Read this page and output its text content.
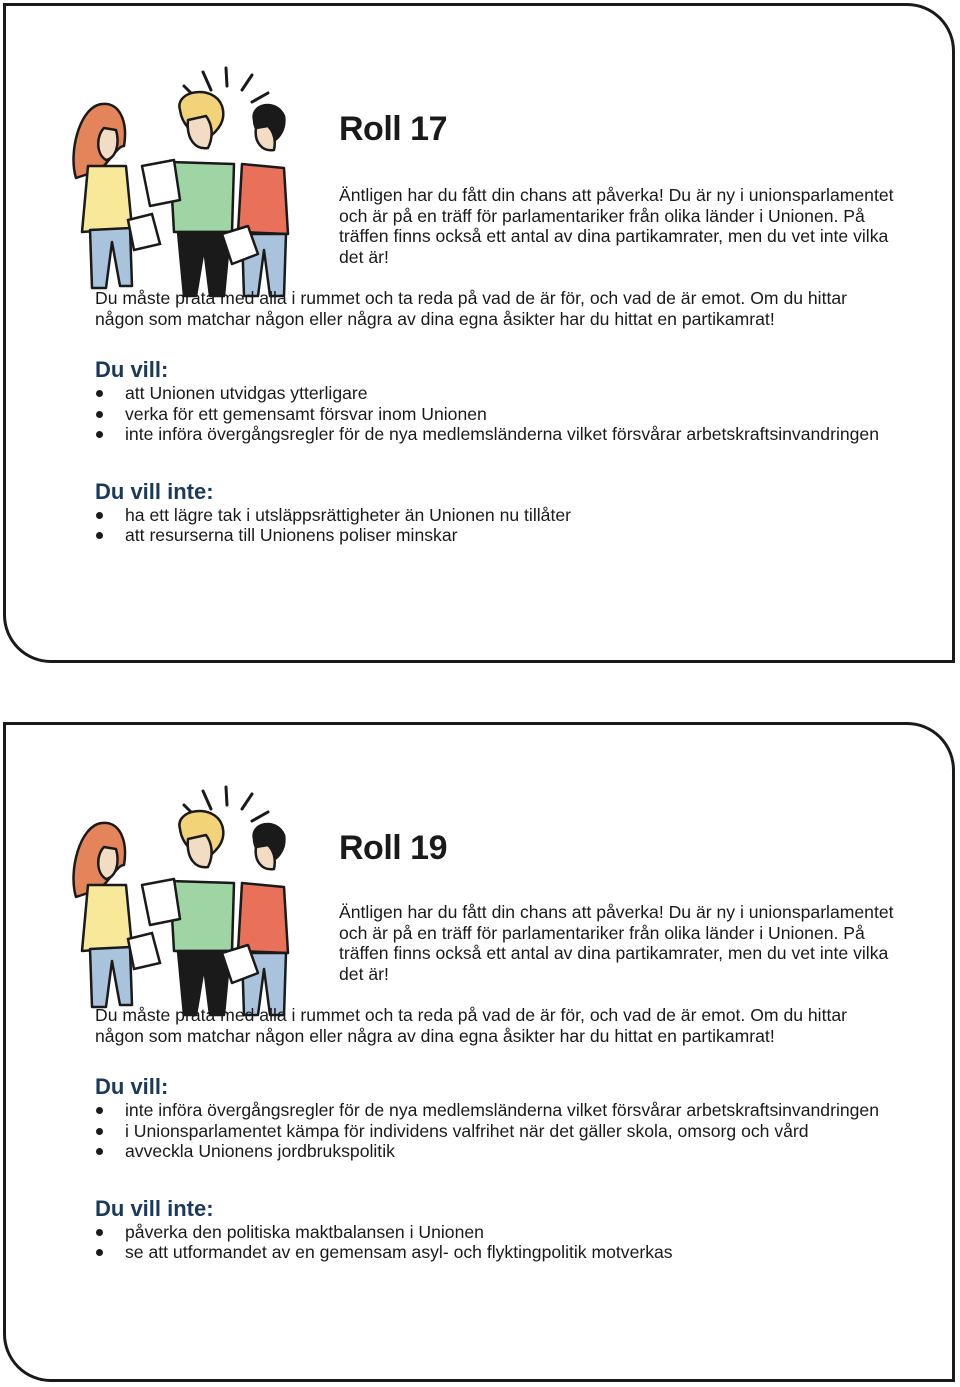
Roll 17

Äntligen har du fått din chans att påverka! Du är ny i unionsparlamentet och är på en träff för parlamentariker från olika länder i Unionen. På träffen finns också ett antal av dina partikamrater, men du vet inte vilka det är!

Du måste prata med alla i rummet och ta reda på vad de är för, och vad de är emot. Om du hittar någon som matchar någon eller några av dina egna åsikter har du hittat en partikamrat!

Du vill:
att Unionen utvidgas ytterligare
verka för ett gemensamt försvar inom Unionen
inte införa övergångsregler för de nya medlemsländerna vilket försvårar arbetskraftsinvandringen
Du vill inte:
ha ett lägre tak i utsläppsrättigheter än Unionen nu tillåter
att resurserna till Unionens poliser minskar
Roll 19

Äntligen har du fått din chans att påverka! Du är ny i unionsparlamentet och är på en träff för parlamentariker från olika länder i Unionen. På träffen finns också ett antal av dina partikamrater, men du vet inte vilka det är!

Du måste prata med alla i rummet och ta reda på vad de är för, och vad de är emot. Om du hittar någon som matchar någon eller några av dina egna åsikter har du hittat en partikamrat!

Du vill:
inte införa övergångsregler för de nya medlemsländerna vilket försvårar arbetskraftsinvandringen
i Unionsparlamentet kämpa för individens valfrihet när det gäller skola, omsorg och vård
avveckla Unionens jordbrukspolitik
Du vill inte:
påverka den politiska maktbalansen i Unionen
se att utformandet av en gemensam asyl- och flyktingpolitik motverkas
